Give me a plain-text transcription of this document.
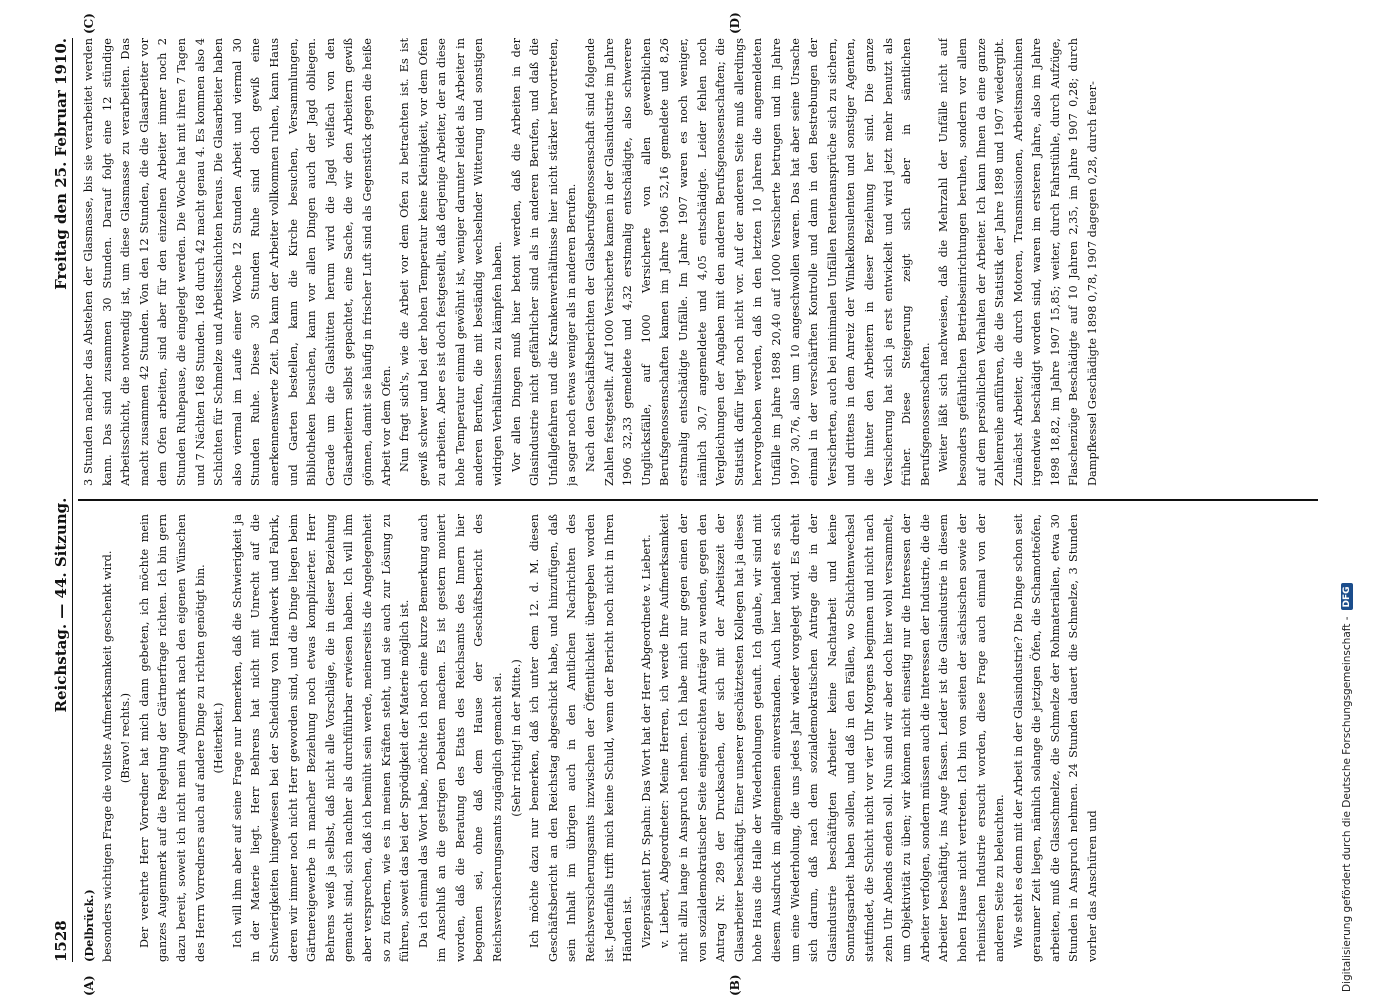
1528
Reichstag. — 44. Sitzung.
Freitag den 25. Februar 1910.

(Delbrück.) besonders wichtigen Frage die vollste Aufmerksamkeit geschenkt wird. (Bravo! rechts.) Der verehrte Herr Vorredner hat mich dann gebeten, ich möchte mein ganzes Augenmerk auf die Regelung der Gärtnerfrage richten. Ich bin gern dazu bereit, soweit ich nicht mein Augenmerk nach den eigenen Wünschen des Herrn Vorredners auch auf andere Dinge zu richten genötigt bin. (Heiterkeit.) Ich will ihm aber auf seine Frage nur bemerken, daß die Schwierigkeit ja in der Materie liegt. Herr Behrens hat nicht mit Unrecht auf die Schwierigkeiten hingewiesen bei der Scheidung von Handwerk und Fabrik, deren wir immer noch nicht Herr geworden sind, und die Dinge liegen beim Gärtnereigewerbe in mancher Beziehung noch etwas komplizierter. Herr Behrens weiß ja selbst, daß nicht alle Vorschläge, die in dieser Beziehung gemacht sind, sich nachher als durchführbar erwiesen haben. Ich will ihm aber versprechen, daß ich bemüht sein werde, meinerseits die Angelegenheit so zu fördern, wie es in meinen Kräften steht, und sie auch zur Lösung zu führen, soweit das bei der Sprödigkeit der Materie möglich ist. Da ich einmal das Wort habe, möchte ich noch eine kurze Bemerkung auch im Anschluß an die gestrigen Debatten machen. Es ist gestern moniert worden, daß die Beratung des Etats des Reichsamts des Innern hier begonnen sei, ohne daß dem Hause der Geschäftsbericht des Reichsversicherungsamts zugänglich gemacht sei. (Sehr richtig! in der Mitte.) Ich möchte dazu nur bemerken, daß ich unter dem 12. d. M. diesen Geschäftsbericht an den Reichstag abgeschickt habe, und hinzufügen, daß sein Inhalt im übrigen auch in den Amtlichen Nachrichten des Reichsversicherungsamts inzwischen der Öffentlichkeit übergeben worden ist. Jedenfalls trifft mich keine Schuld, wenn der Bericht noch nicht in Ihren Händen ist. Vizepräsident Dr. Spahn: Das Wort hat der Herr Abgeordnete v. Liebert. v. Liebert, Abgeordneter: Meine Herren, ich werde Ihre Aufmerksamkeit nicht allzu lange in Anspruch nehmen. Ich habe mich nur gegen einen der von sozialdemokratischer Seite eingereichten Anträge zu wenden, gegen den Antrag Nr. 289 der Drucksachen, der sich mit der Arbeitszeit der Glasarbeiter beschäftigt. Einer unserer geschätztesten Kollegen hat ja dieses hohe Haus die Halle der Wiederholungen getauft. Ich glaube, wir sind mit diesem Ausdruck im allgemeinen einverstanden. Auch hier handelt es sich um eine Wiederholung, die uns jedes Jahr wieder vorgelegt wird. Es dreht sich darum, daß nach dem sozialdemokratischen Antrage die in der Glasindustrie beschäftigten Arbeiter keine Nachtarbeit und keine Sonntagsarbeit haben sollen, und daß in den Fällen, wo Schichtenwechsel stattfindet, die Schicht nicht vor vier Uhr Morgens beginnen und nicht nach zehn Uhr Abends enden soll. Nun sind wir aber doch hier wohl versammelt, um Objektivität zu üben; wir können nicht einseitig nur die Interessen der Arbeiter verfolgen, sondern müssen auch die Interessen der Industrie, die die Arbeiter beschäftigt, ins Auge fassen. Leider ist die Glasindustrie in diesem hohen Hause nicht vertreten. Ich bin von seiten der sächsischen sowie der rheinischen Industrie ersucht worden, diese Frage auch einmal von der anderen Seite zu beleuchten. Wie steht es denn mit der Arbeit in der Glasindustrie? Die Dinge schon seit geraumer Zeit liegen, nämlich solange die jetzigen Öfen, die Schamotteöfen, arbeiten, muß die Glasschmelze, die Schmelze der Rohmaterialien, etwa 30 Stunden in Anspruch nehmen. 24 Stunden dauert die Schmelze, 3 Stunden vorher das Anschüren und

3 Stunden nachher das Abstehen der Glasmasse, bis sie verarbeitet werden kann. Das sind zusammen 30 Stunden. Darauf folgt eine 12 stündige Arbeitsschicht, die notwendig ist, um diese Glasmasse zu verarbeiten. Das macht zusammen 42 Stunden. Von den 12 Stunden, die die Glasarbeiter vor dem Ofen arbeiten, sind aber für den einzelnen Arbeiter immer noch 2 Stunden Ruhepause, die eingelegt werden. Die Woche hat mit ihren 7 Tagen und 7 Nächten 168 Stunden. 168 durch 42 macht genau 4. Es kommen also 4 Schichten für Schmelze und Arbeitsschichten heraus. Die Glasarbeiter haben also viermal im Laufe einer Woche 12 Stunden Arbeit und viermal 30 Stunden Ruhe. Diese 30 Stunden Ruhe sind doch gewiß eine anerkennenswerte Zeit. Da kann der Arbeiter vollkommen ruhen, kann Haus und Garten bestellen, kann die Kirche besuchen, Versammlungen, Bibliotheken besuchen, kann vor allen Dingen auch der Jagd obliegen. Gerade um die Glashütten herum wird die Jagd vielfach von den Glasarbeitern selbst gepachtet, eine Sache, die wir den Arbeitern gewiß gönnen, damit sie häufig in frischer Luft sind als Gegenstück gegen die heiße Arbeit vor dem Ofen. Nun fragt sich's, wie die Arbeit vor dem Ofen zu betrachten ist. Es ist gewiß schwer und bei der hohen Temperatur keine Kleinigkeit, vor dem Ofen zu arbeiten. Aber es ist doch festgestellt, daß derjenige Arbeiter, der an diese hohe Temperatur einmal gewöhnt ist, weniger darunter leidet als Arbeiter in anderen Berufen, die mit beständig wechselnder Witterung und sonstigen widrigen Verhältnissen zu kämpfen haben. Vor allen Dingen muß hier betont werden, daß die Arbeiten in der Glasindustrie nicht gefährlicher sind als in anderen Berufen, und daß die Unfallgefahren und die Krankenverhältnisse hier nicht stärker hervortreten, ja sogar noch etwas weniger als in anderen Berufen. Nach den Geschäftsberichten der Glasberufsgenossenschaft sind folgende Zahlen festgestellt. Auf 1000 Versicherte kamen in der Glasindustrie im Jahre 1906 32,33 gemeldete und 4,32 erstmalig entschädigte, also schwerere Unglücksfälle, auf 1000 Versicherte von allen gewerblichen Berufsgenossenschaften kamen im Jahre 1906 52,16 gemeldete und 8,26 erstmalig entschädigte Unfälle. Im Jahre 1907 waren es noch weniger, nämlich 30,7 angemeldete und 4,05 entschädigte. Leider fehlen noch Vergleichungen der Angaben mit den anderen Berufsgenossenschaften; die Statistik dafür liegt noch nicht vor. Auf der anderen Seite muß allerdings hervorgehoben werden, daß in den letzten 10 Jahren die angemeldeten Unfälle im Jahre 1898 20,40 auf 1000 Versicherte betrugen und im Jahre 1907 30,76, also um 10 angeschwollen waren. Das hat aber seine Ursache einmal in der verschärften Kontrolle und dann in den Bestrebungen der Versicherten, auch bei minimalen Unfällen Rentenansprüche sich zu sichern, und drittens in dem Anreiz der Winkelkonsulenten und sonstiger Agenten, die hinter den Arbeitern in dieser Beziehung her sind. Die ganze Versicherung hat sich ja erst entwickelt und wird jetzt mehr benutzt als früher. Diese Steigerung zeigt sich aber in sämtlichen Berufsgenossenschaften. Weiter läßt sich nachweisen, daß die Mehrzahl der Unfälle nicht auf besonders gefährlichen Betriebseinrichtungen beruhen, sondern vor allem auf dem persönlichen Verhalten der Arbeiter. Ich kann Ihnen da eine ganze Zahlenreihe anführen, die die Statistik der Jahre 1898 und 1907 wiedergibt. Zunächst Arbeiter, die durch Motoren, Transmissionen, Arbeitsmaschinen irgendwie beschädigt worden sind, waren im ersteren Jahre, also im Jahre 1898 18,82, im Jahre 1907 15,85; weiter, durch Fahrstühle, durch Aufzüge, Flaschenzüge Beschädigte auf 10 Jahren 2,35, im Jahre 1907 0,28; durch Dampfkessel Geschädigte 1898 0,78, 1907 dagegen 0,28, durch feuer-

(A)	(B)
(C)	(D)
Digitalisierung gefördert durch die Deutsche Forschungsgemeinschaft -
DFG
